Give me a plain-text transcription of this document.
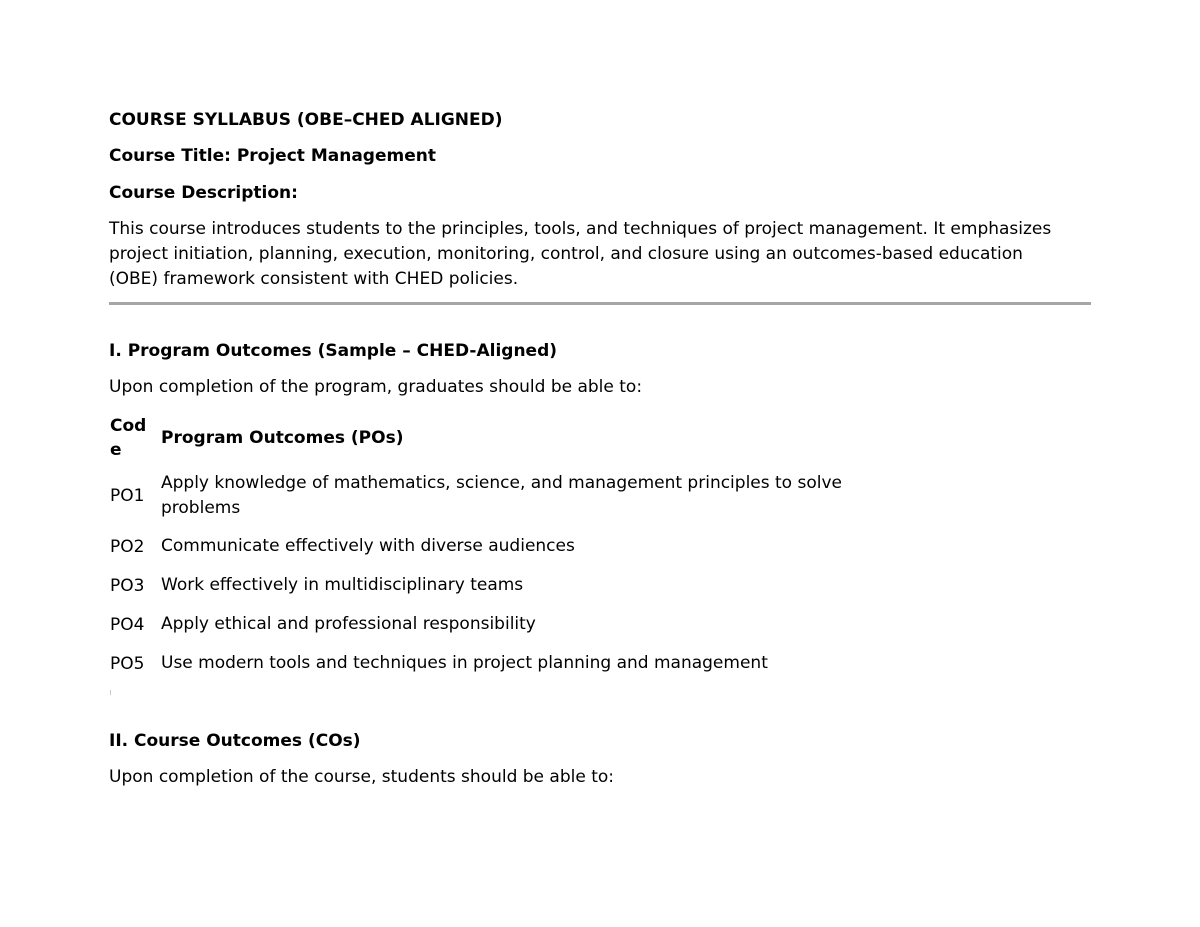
COURSE SYLLABUS (OBE–CHED ALIGNED)

Course Title: Project Management

Course Description:

This course introduces students to the principles, tools, and techniques of project management. It emphasizes project initiation, planning, execution, monitoring, control, and closure using an outcomes-based education (OBE) framework consistent with CHED policies.

I. Program Outcomes (Sample – CHED-Aligned)

Upon completion of the program, graduates should be able to:

Code
Program Outcomes (POs)
PO1
Apply knowledge of mathematics, science, and management principles to solve problems
PO2 Communicate effectively with diverse audiences
PO3 Work effectively in multidisciplinary teams
PO4 Apply ethical and professional responsibility
PO5 Use modern tools and techniques in project planning and management

II. Course Outcomes (COs)

Upon completion of the course, students should be able to:
